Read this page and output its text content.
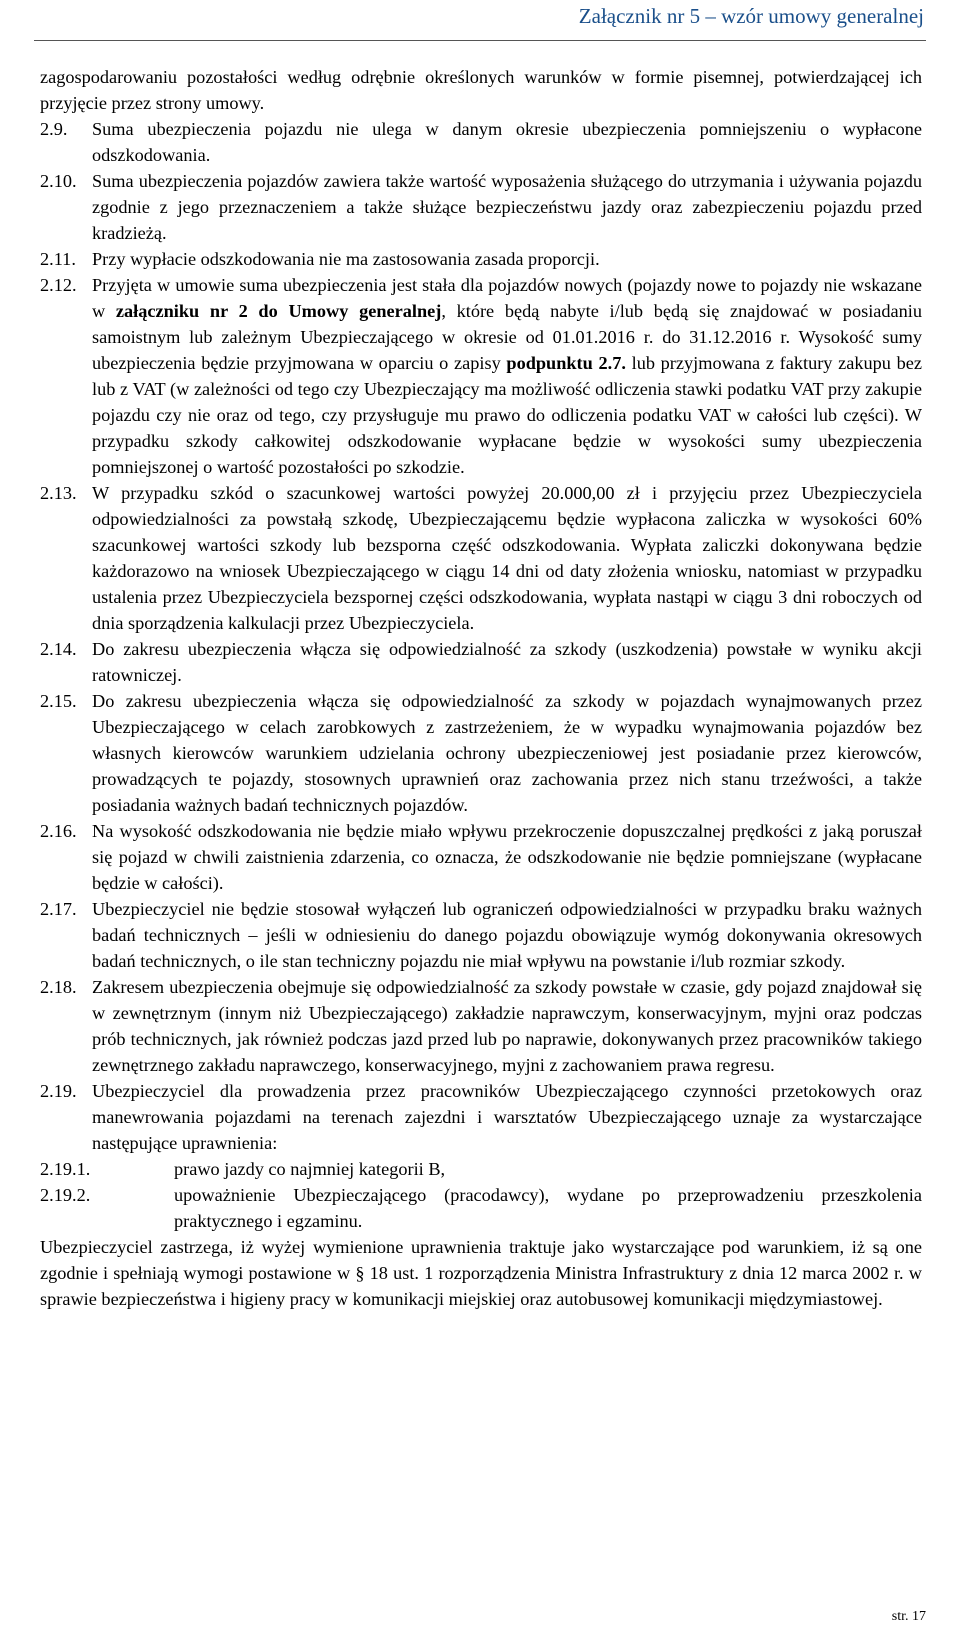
Załącznik nr 5 – wzór umowy generalnej
zagospodarowaniu pozostałości według odrębnie określonych warunków w formie pisemnej, potwierdzającej ich przyjęcie przez strony umowy.
2.9. Suma ubezpieczenia pojazdu nie ulega w danym okresie ubezpieczenia pomniejszeniu o wypłacone odszkodowania.
2.10. Suma ubezpieczenia pojazdów zawiera także wartość wyposażenia służącego do utrzymania i używania pojazdu zgodnie z jego przeznaczeniem a także służące bezpieczeństwu jazdy oraz zabezpieczeniu pojazdu przed kradzieżą.
2.11. Przy wypłacie odszkodowania nie ma zastosowania zasada proporcji.
2.12. Przyjęta w umowie suma ubezpieczenia jest stała dla pojazdów nowych (pojazdy nowe to pojazdy nie wskazane w załączniku nr 2 do Umowy generalnej, które będą nabyte i/lub będą się znajdować w posiadaniu samoistnym lub zależnym Ubezpieczającego w okresie od 01.01.2016 r. do 31.12.2016 r. Wysokość sumy ubezpieczenia będzie przyjmowana w oparciu o zapisy podpunktu 2.7. lub przyjmowana z faktury zakupu bez lub z VAT (w zależności od tego czy Ubezpieczający ma możliwość odliczenia stawki podatku VAT przy zakupie pojazdu czy nie oraz od tego, czy przysługuje mu prawo do odliczenia podatku VAT w całości lub części). W przypadku szkody całkowitej odszkodowanie wypłacane będzie w wysokości sumy ubezpieczenia pomniejszonej o wartość pozostałości po szkodzie.
2.13. W przypadku szkód o szacunkowej wartości powyżej 20.000,00 zł i przyjęciu przez Ubezpieczyciela odpowiedzialności za powstałą szkodę, Ubezpieczającemu będzie wypłacona zaliczka w wysokości 60% szacunkowej wartości szkody lub bezsporna część odszkodowania. Wypłata zaliczki dokonywana będzie każdorazowo na wniosek Ubezpieczającego w ciągu 14 dni od daty złożenia wniosku, natomiast w przypadku ustalenia przez Ubezpieczyciela bezspornej części odszkodowania, wypłata nastąpi w ciągu 3 dni roboczych od dnia sporządzenia kalkulacji przez Ubezpieczyciela.
2.14. Do zakresu ubezpieczenia włącza się odpowiedzialność za szkody (uszkodzenia) powstałe w wyniku akcji ratowniczej.
2.15. Do zakresu ubezpieczenia włącza się odpowiedzialność za szkody w pojazdach wynajmowanych przez Ubezpieczającego w celach zarobkowych z zastrzeżeniem, że w wypadku wynajmowania pojazdów bez własnych kierowców warunkiem udzielania ochrony ubezpieczeniowej jest posiadanie przez kierowców, prowadzących te pojazdy, stosownych uprawnień oraz zachowania przez nich stanu trzeźwości, a także posiadania ważnych badań technicznych pojazdów.
2.16. Na wysokość odszkodowania nie będzie miało wpływu przekroczenie dopuszczalnej prędkości z jaką poruszał się pojazd w chwili zaistnienia zdarzenia, co oznacza, że odszkodowanie nie będzie pomniejszane (wypłacane będzie w całości).
2.17. Ubezpieczyciel nie będzie stosował wyłączeń lub ograniczeń odpowiedzialności w przypadku braku ważnych badań technicznych – jeśli w odniesieniu do danego pojazdu obowiązuje wymóg dokonywania okresowych badań technicznych, o ile stan techniczny pojazdu nie miał wpływu na powstanie i/lub rozmiar szkody.
2.18. Zakresem ubezpieczenia obejmuje się odpowiedzialność za szkody powstałe w czasie, gdy pojazd znajdował się w zewnętrznym (innym niż Ubezpieczającego) zakładzie naprawczym, konserwacyjnym, myjni oraz podczas prób technicznych, jak również podczas jazd przed lub po naprawie, dokonywanych przez pracowników takiego zewnętrznego zakładu naprawczego, konserwacyjnego, myjni z zachowaniem prawa regresu.
2.19. Ubezpieczyciel dla prowadzenia przez pracowników Ubezpieczającego czynności przetokowych oraz manewrowania pojazdami na terenach zajezdni i warsztatów Ubezpieczającego uznaje za wystarczające następujące uprawnienia:
2.19.1.	prawo jazdy co najmniej kategorii B,
2.19.2.	upoważnienie Ubezpieczającego (pracodawcy), wydane po przeprowadzeniu przeszkolenia praktycznego i egzaminu.
Ubezpieczyciel zastrzega, iż wyżej wymienione uprawnienia traktuje jako wystarczające pod warunkiem, iż są one zgodnie i spełniają wymogi postawione w § 18 ust. 1 rozporządzenia Ministra Infrastruktury z dnia 12 marca 2002 r. w sprawie bezpieczeństwa i higieny pracy w komunikacji miejskiej oraz autobusowej komunikacji międzymiastowej.
str. 17
